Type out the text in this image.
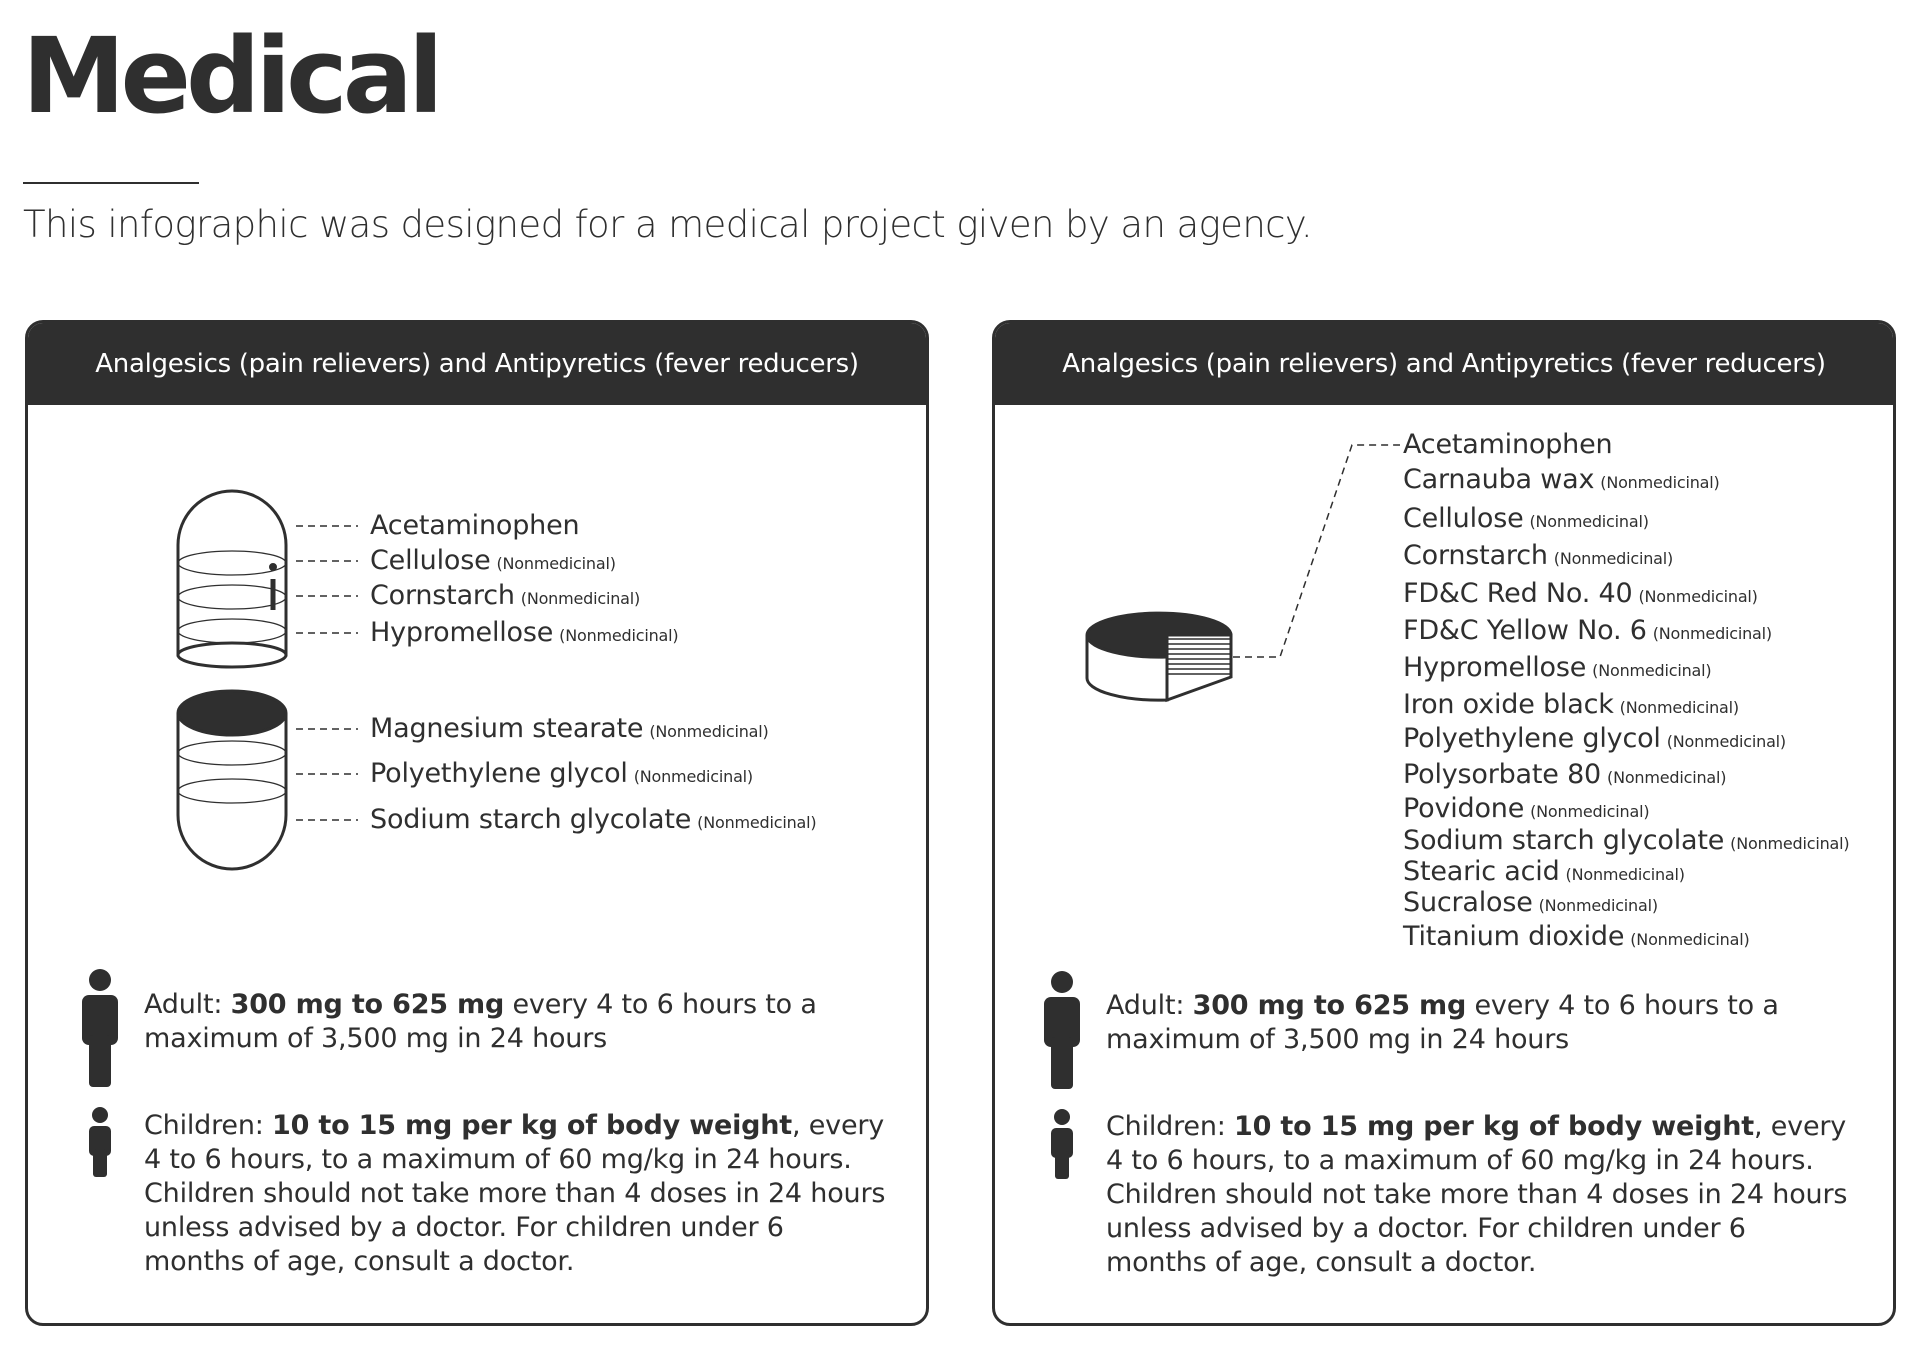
Medical

This infographic was designed for a medical project given by an agency.

Analgesics (pain relievers) and Antipyretics (fever reducers)
Acetaminophen
Cellulose (Nonmedicinal)
Cornstarch (Nonmedicinal)
Hypromellose (Nonmedicinal)
Magnesium stearate (Nonmedicinal)
Polyethylene glycol (Nonmedicinal)
Sodium starch glycolate (Nonmedicinal)
Adult: 300 mg to 625 mg every 4 to 6 hours to a maximum of 3,500 mg in 24 hours
Children: 10 to 15 mg per kg of body weight, every 4 to 6 hours, to a maximum of 60 mg/kg in 24 hours. Children should not take more than 4 doses in 24 hours unless advised by a doctor. For children under 6 months of age, consult a doctor.
Analgesics (pain relievers) and Antipyretics (fever reducers)
Acetaminophen
Carnauba wax (Nonmedicinal)
Cellulose (Nonmedicinal)
Cornstarch (Nonmedicinal)
FD&C Red No. 40 (Nonmedicinal)
FD&C Yellow No. 6 (Nonmedicinal)
Hypromellose (Nonmedicinal)
Iron oxide black (Nonmedicinal)
Polyethylene glycol (Nonmedicinal)
Polysorbate 80 (Nonmedicinal)
Povidone (Nonmedicinal)
Sodium starch glycolate (Nonmedicinal)
Stearic acid (Nonmedicinal)
Sucralose (Nonmedicinal)
Titanium dioxide (Nonmedicinal)
Adult: 300 mg to 625 mg every 4 to 6 hours to a maximum of 3,500 mg in 24 hours
Children: 10 to 15 mg per kg of body weight, every 4 to 6 hours, to a maximum of 60 mg/kg in 24 hours. Children should not take more than 4 doses in 24 hours unless advised by a doctor. For children under 6 months of age, consult a doctor.
